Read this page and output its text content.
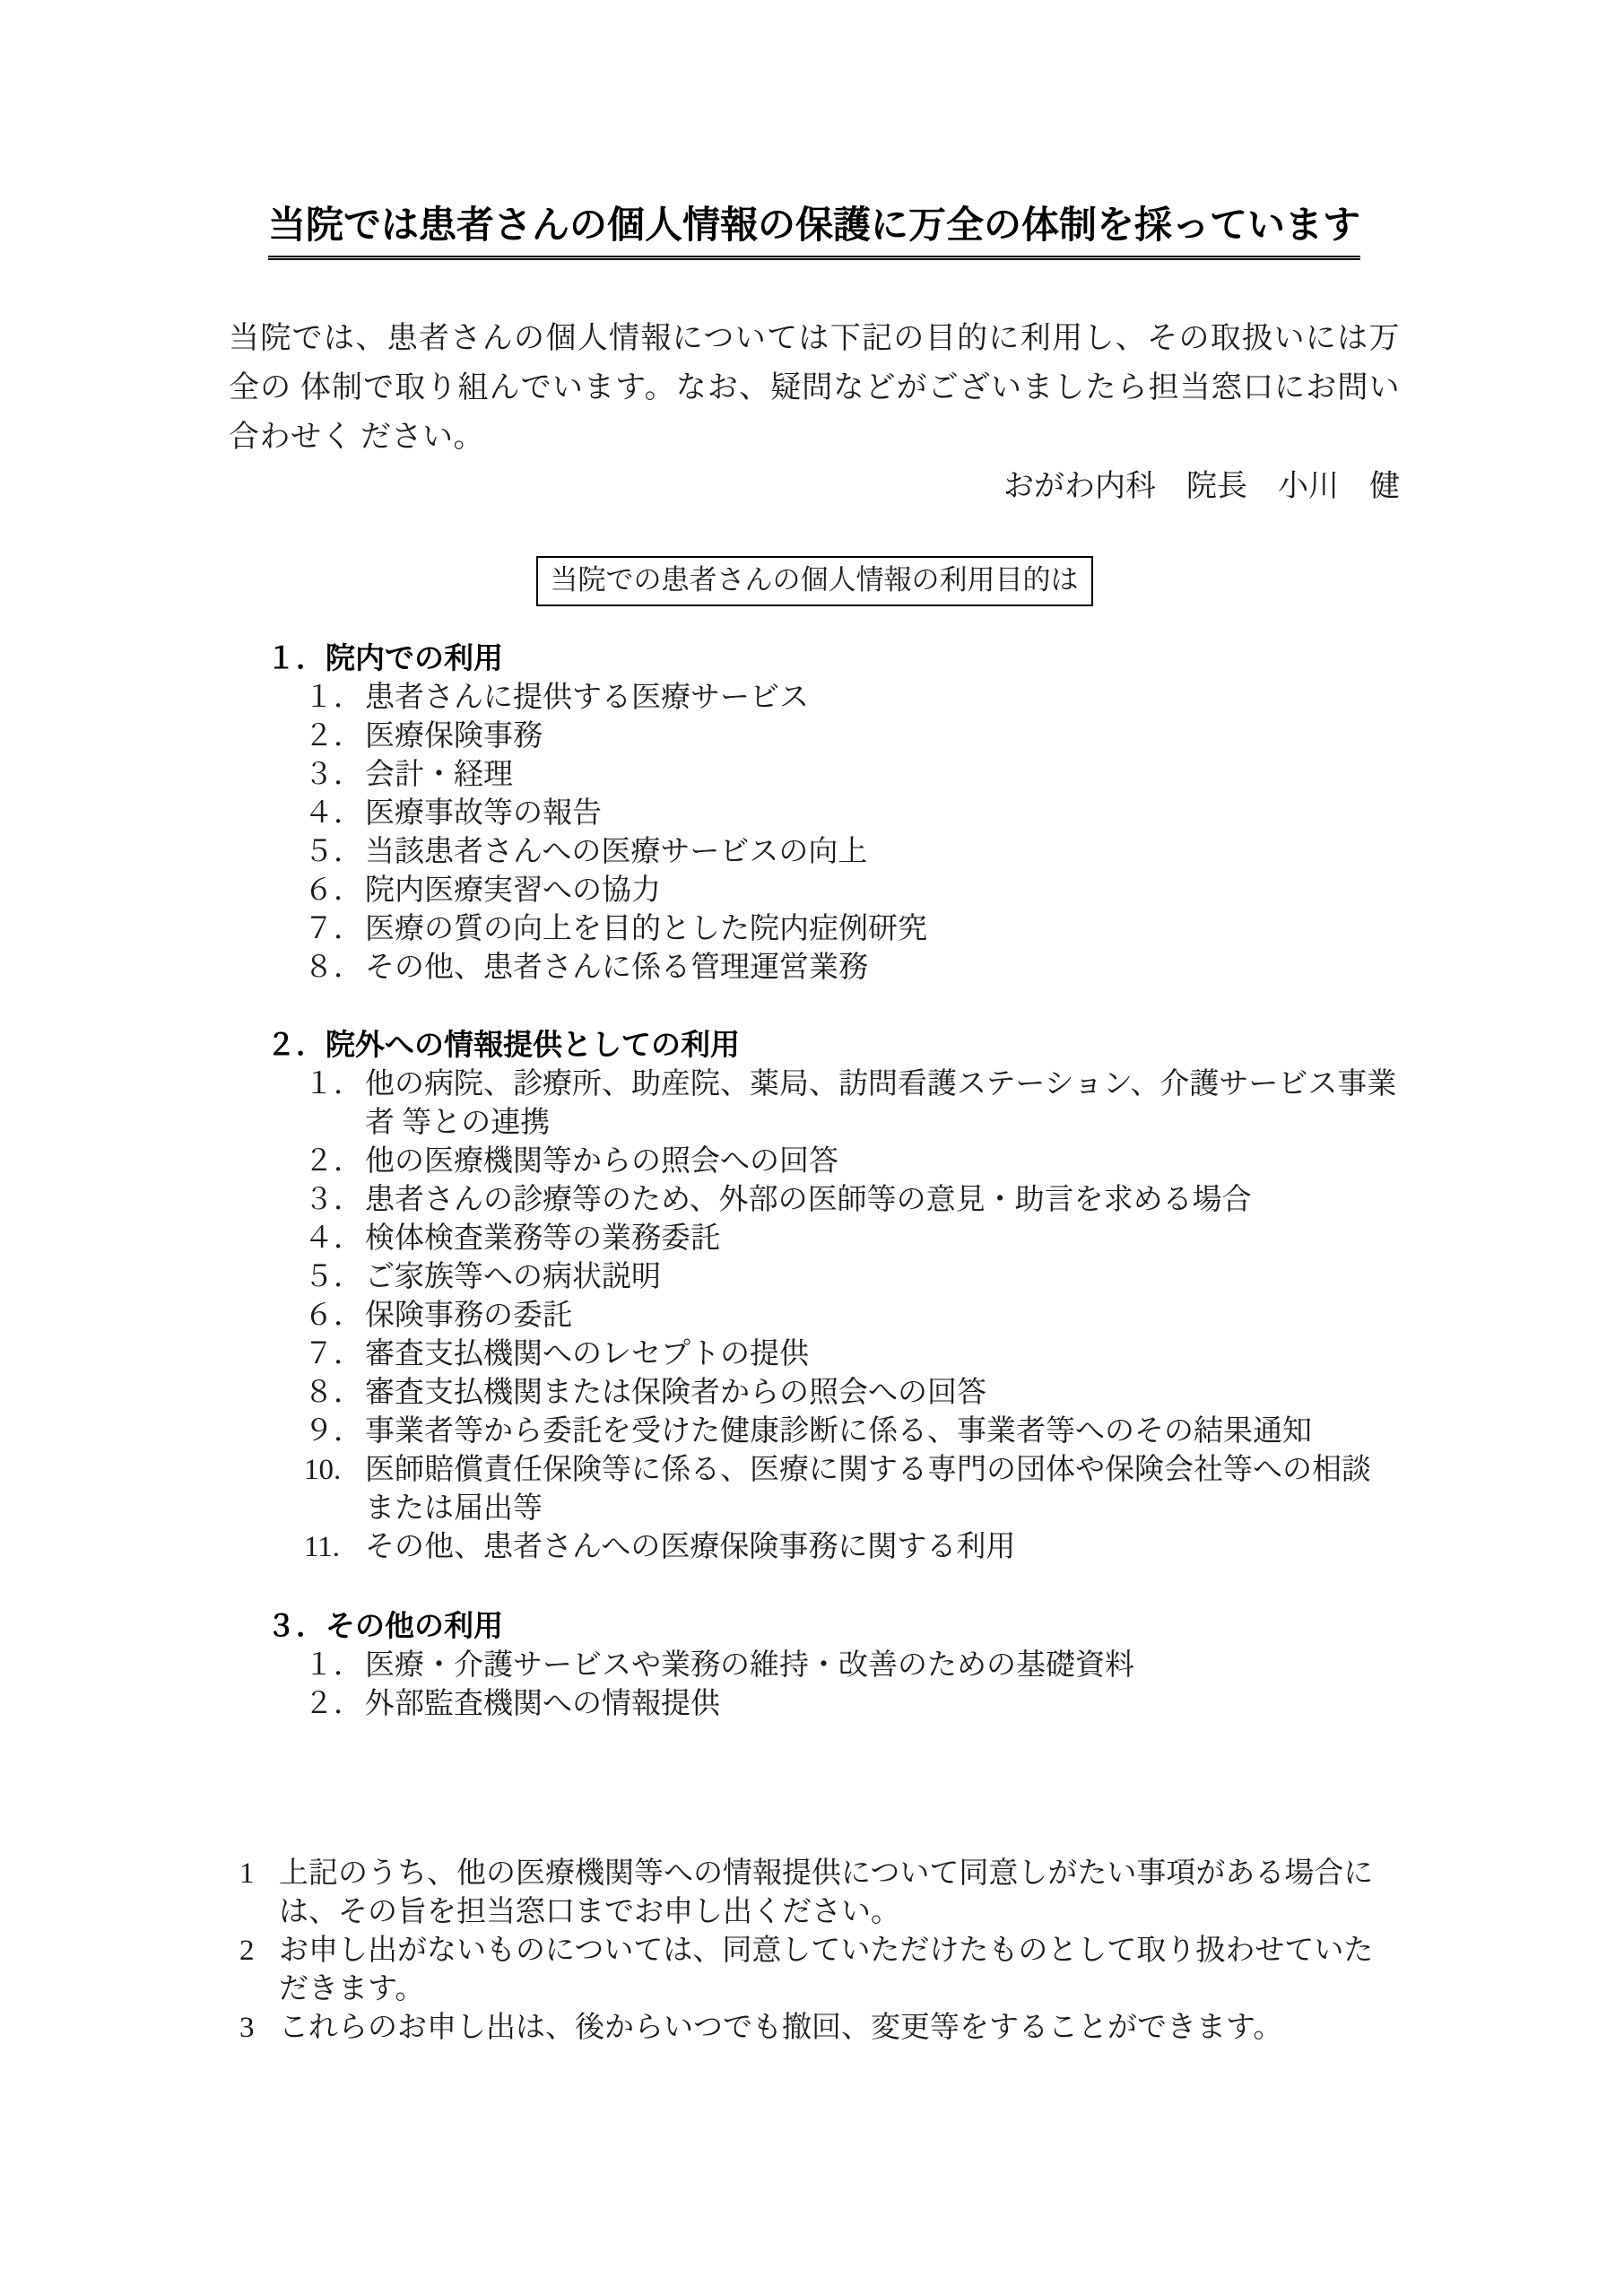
当院では患者さんの個人情報の保護に万全の体制を採っています

当院では、患者さんの個人情報については下記の目的に利用し、その取扱いには万全の 体制で取り組んでいます。なお、疑問などがございましたら担当窓口にお問い合わせく ださい。

おがわ内科　院長　小川　健

当院での患者さんの個人情報の利用目的は
１．院内での利用
１． 患者さんに提供する医療サービス
２． 医療保険事務
３． 会計・経理
４． 医療事故等の報告
５． 当該患者さんへの医療サービスの向上
６． 院内医療実習への協力
７． 医療の質の向上を目的とした院内症例研究
８． その他、患者さんに係る管理運営業務
２．院外への情報提供としての利用
１． 他の病院、診療所、助産院、薬局、訪問看護ステーション、介護サービス事業者 等との連携
２． 他の医療機関等からの照会への回答
３． 患者さんの診療等のため、外部の医師等の意見・助言を求める場合
４． 検体検査業務等の業務委託
５． ご家族等への病状説明
６． 保険事務の委託
７． 審査支払機関へのレセプトの提供
８． 審査支払機関または保険者からの照会への回答
９． 事業者等から委託を受けた健康診断に係る、事業者等へのその結果通知
10. 医師賠償責任保険等に係る、医療に関する専門の団体や保険会社等への相談または届出等
11. その他、患者さんへの医療保険事務に関する利用
３．その他の利用
１． 医療・介護サービスや業務の維持・改善のための基礎資料
２． 外部監査機関への情報提供
1 上記のうち、他の医療機関等への情報提供について同意しがたい事項がある場合には、その旨を担当窓口までお申し出ください。
2 お申し出がないものについては、同意していただけたものとして取り扱わせていただきます。
3 これらのお申し出は、後からいつでも撤回、変更等をすることができます。
